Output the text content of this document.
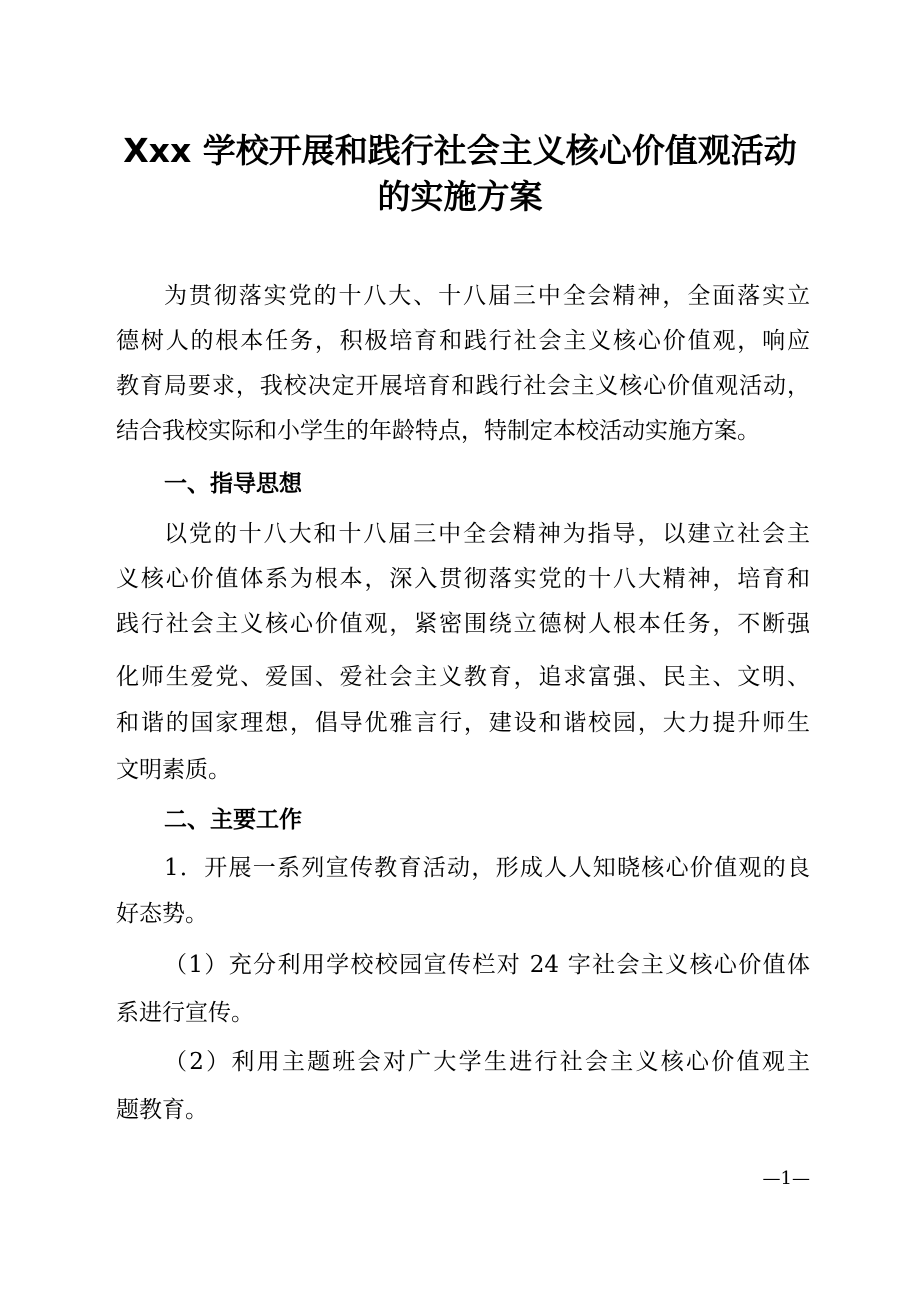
Xxx 学校开展和践行社会主义核心价值观活动
的实施方案

为贯彻落实党的十八大、十八届三中全会精神，全面落实立

德树人的根本任务，积极培育和践行社会主义核心价值观，响应

教育局要求，我校决定开展培育和践行社会主义核心价值观活动，

结合我校实际和小学生的年龄特点，特制定本校活动实施方案。

一、指导思想

以党的十八大和十八届三中全会精神为指导，以建立社会主

义核心价值体系为根本，深入贯彻落实党的十八大精神，培育和

践行社会主义核心价值观，紧密围绕立德树人根本任务，不断强

化师生爱党、爱国、爱社会主义教育，追求富强、民主、文明、

和谐的国家理想，倡导优雅言行，建设和谐校园，大力提升师生

文明素质。

二、主要工作

1．开展一系列宣传教育活动，形成人人知晓核心价值观的良

好态势。

（1）充分利用学校校园宣传栏对 24 字社会主义核心价值体

系进行宣传。

（2）利用主题班会对广大学生进行社会主义核心价值观主

题教育。

—1—
